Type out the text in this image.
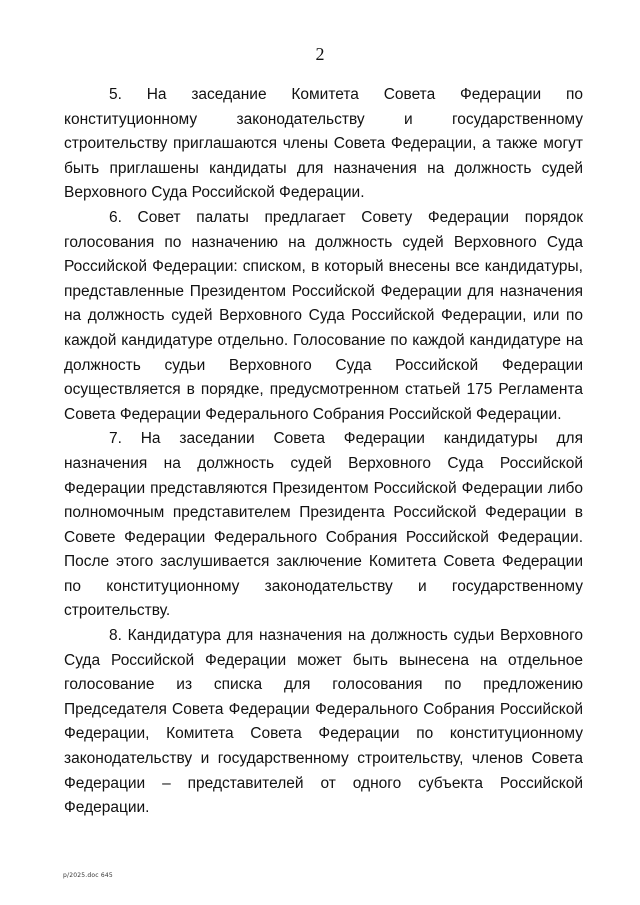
2

5. На заседание Комитета Совета Федерации по конституционному законодательству и государственному строительству приглашаются члены Совета Федерации, а также могут быть приглашены кандидаты для назначения на должность судей Верховного Суда Российской Федерации.

6. Совет палаты предлагает Совету Федерации порядок голосования по назначению на должность судей Верховного Суда Российской Федерации: списком, в который внесены все кандидатуры, представленные Президентом Российской Федерации для назначения на должность судей Верховного Суда Российской Федерации, или по каждой кандидатуре отдельно. Голосование по каждой кандидатуре на должность судьи Верховного Суда Российской Федерации осуществляется в порядке, предусмотренном статьей 175 Регламента Совета Федерации Федерального Собрания Российской Федерации.

7. На заседании Совета Федерации кандидатуры для назначения на должность судей Верховного Суда Российской Федерации представляются Президентом Российской Федерации либо полномочным представителем Президента Российской Федерации в Совете Федерации Федерального Собрания Российской Федерации. После этого заслушивается заключение Комитета Совета Федерации по конституционному законодательству и государственному строительству.

8. Кандидатура для назначения на должность судьи Верховного Суда Российской Федерации может быть вынесена на отдельное голосование из списка для голосования по предложению Председателя Совета Федерации Федерального Собрания Российской Федерации, Комитета Совета Федерации по конституционному законодательству и государственному строительству, членов Совета Федерации – представителей от одного субъекта Российской Федерации.

p/2025.doc 645
